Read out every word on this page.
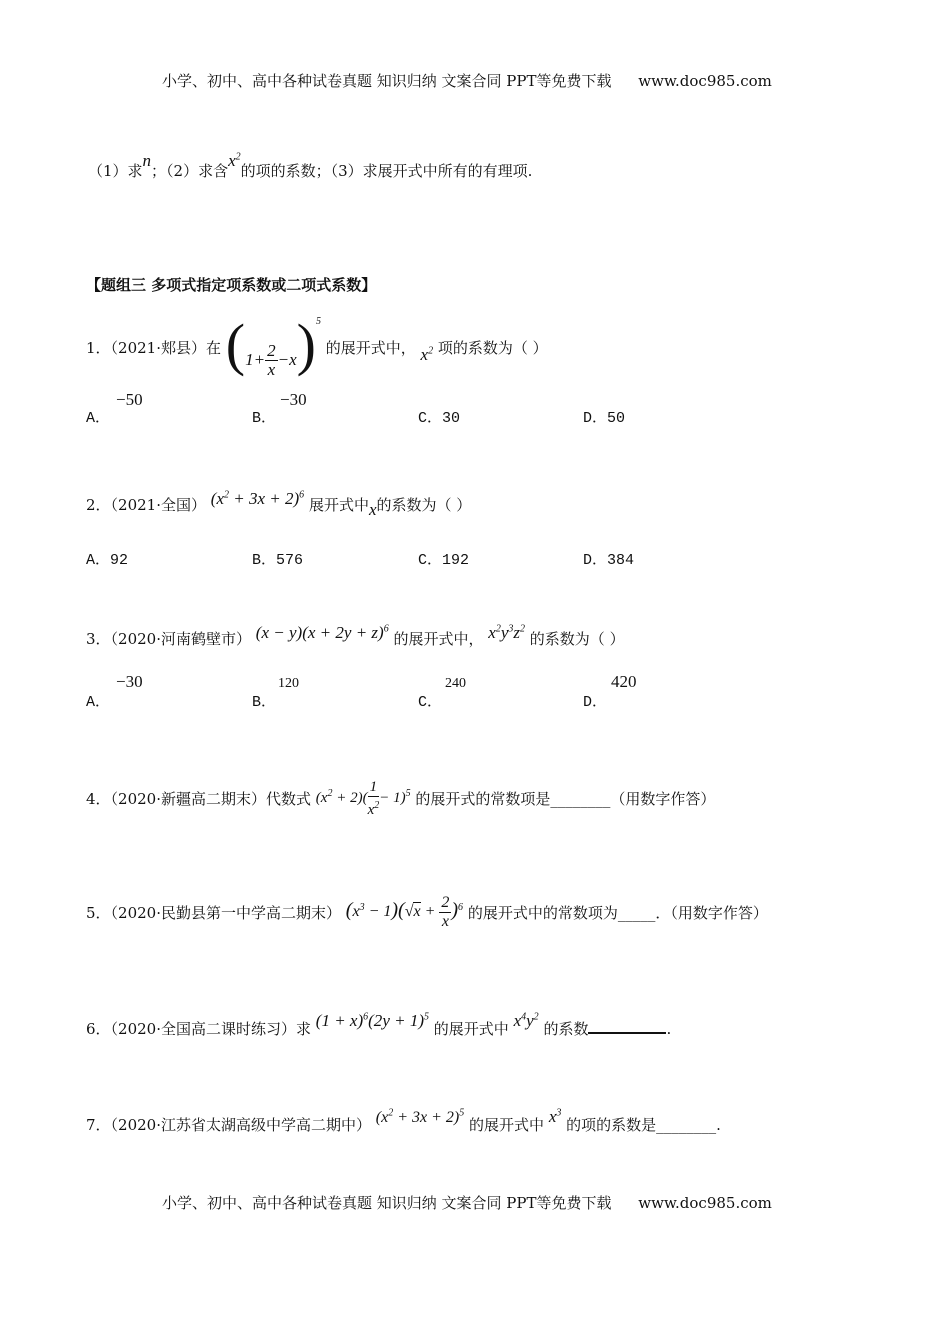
小学、初中、高中各种试卷真题 知识归纳 文案合同 PPT等免费下载 www.doc985.com
（1）求n；（2）求含$x^2$的项的系数；（3）求展开式中所有的有理项.
【题组三 多项式指定项系数或二项式系数】
1．（2021·郏县）在 $(1+ \frac{2}{x} -x)^5$ 的展开式中， $x^2$ 项的系数为（ ）
A．
−50
B．
−30
C．30	D．50
2．（2021·全国） $(x^2 + 3x + 2)^6$ 展开式中x的系数为（ ）
A．92	B．576	C．192	D．384
3．（2020·河南鹤壁市） $(x - y)(x + 2y + z)^6$ 的展开式中， $x^2y^3z^2$ 的系数为（ ）
A．
−30
B．
120
C．
240
D．
420
4．（2020·新疆高二期末）代数式 $(x^2 + 2)( \frac{1}{x^2} - 1)^5$ 的展开式的常数项是________（用数字作答）
5．（2020·民勤县第一中学高二期末） $(x^3 - 1)(√x + \frac{2}{x} )^6$ 的展开式中的常数项为_____．（用数字作答）
6．（2020·全国高二课时练习）求 $(1 + x)^6(2y + 1)^5$ 的展开式中 $x^4y^2$ 的系数	.
7．（2020·江苏省太湖高级中学高二期中） $(x^2 + 3x + 2)^5$ 的展开式中 $x^3$ 的项的系数是________.
小学、初中、高中各种试卷真题 知识归纳 文案合同 PPT等免费下载 www.doc985.com
